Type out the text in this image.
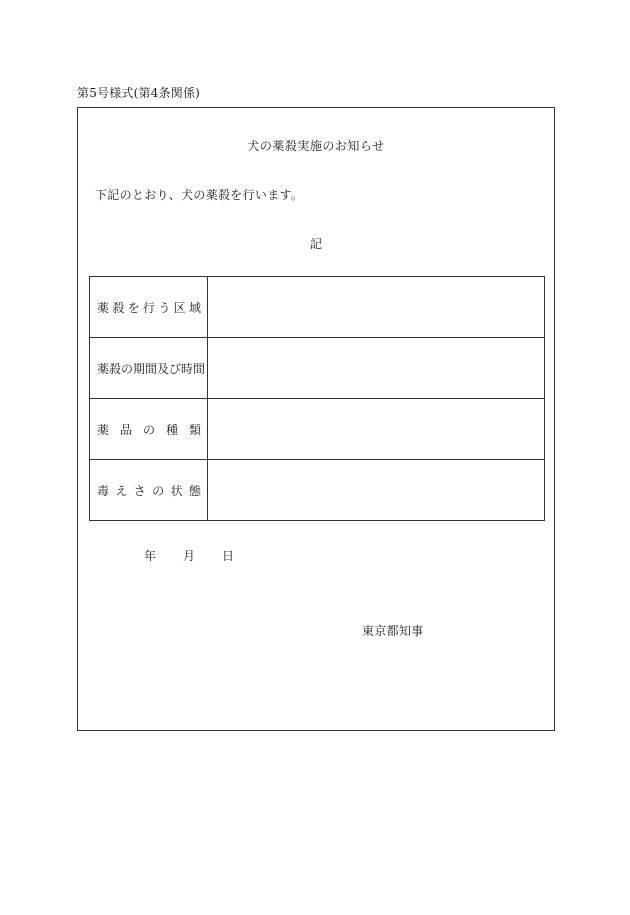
第5号様式(第4条関係)
犬の薬殺実施のお知らせ
下記のとおり、犬の薬殺を行います。
記
薬殺を行う区域	
薬殺の期間及び時間	
薬品の種類	
毒えさの状態	
年 月 日
東京都知事
